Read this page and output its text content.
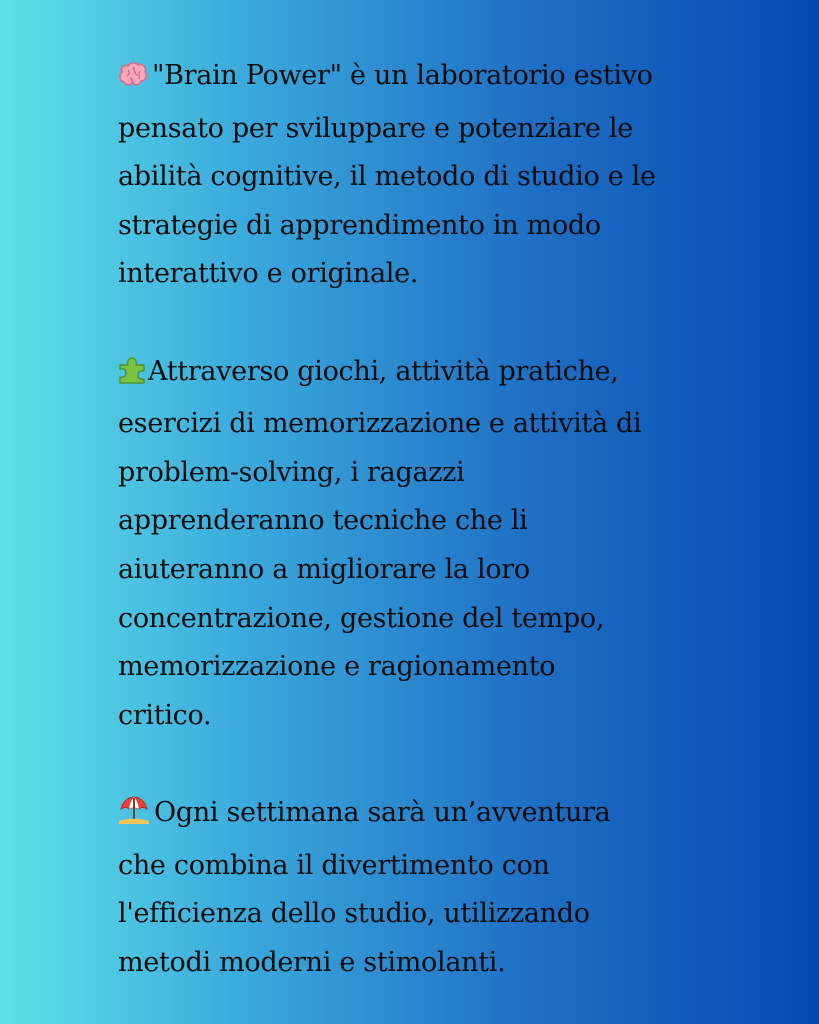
"Brain Power" è un laboratorio estivo
pensato per sviluppare e potenziare le
abilità cognitive, il metodo di studio e le
strategie di apprendimento in modo
interattivo e originale.

Attraverso giochi, attività pratiche,
esercizi di memorizzazione e attività di
problem-solving, i ragazzi
apprenderanno tecniche che li
aiuteranno a migliorare la loro
concentrazione, gestione del tempo,
memorizzazione e ragionamento
critico.

Ogni settimana sarà un’avventura
che combina il divertimento con
l'efficienza dello studio, utilizzando
metodi moderni e stimolanti.
